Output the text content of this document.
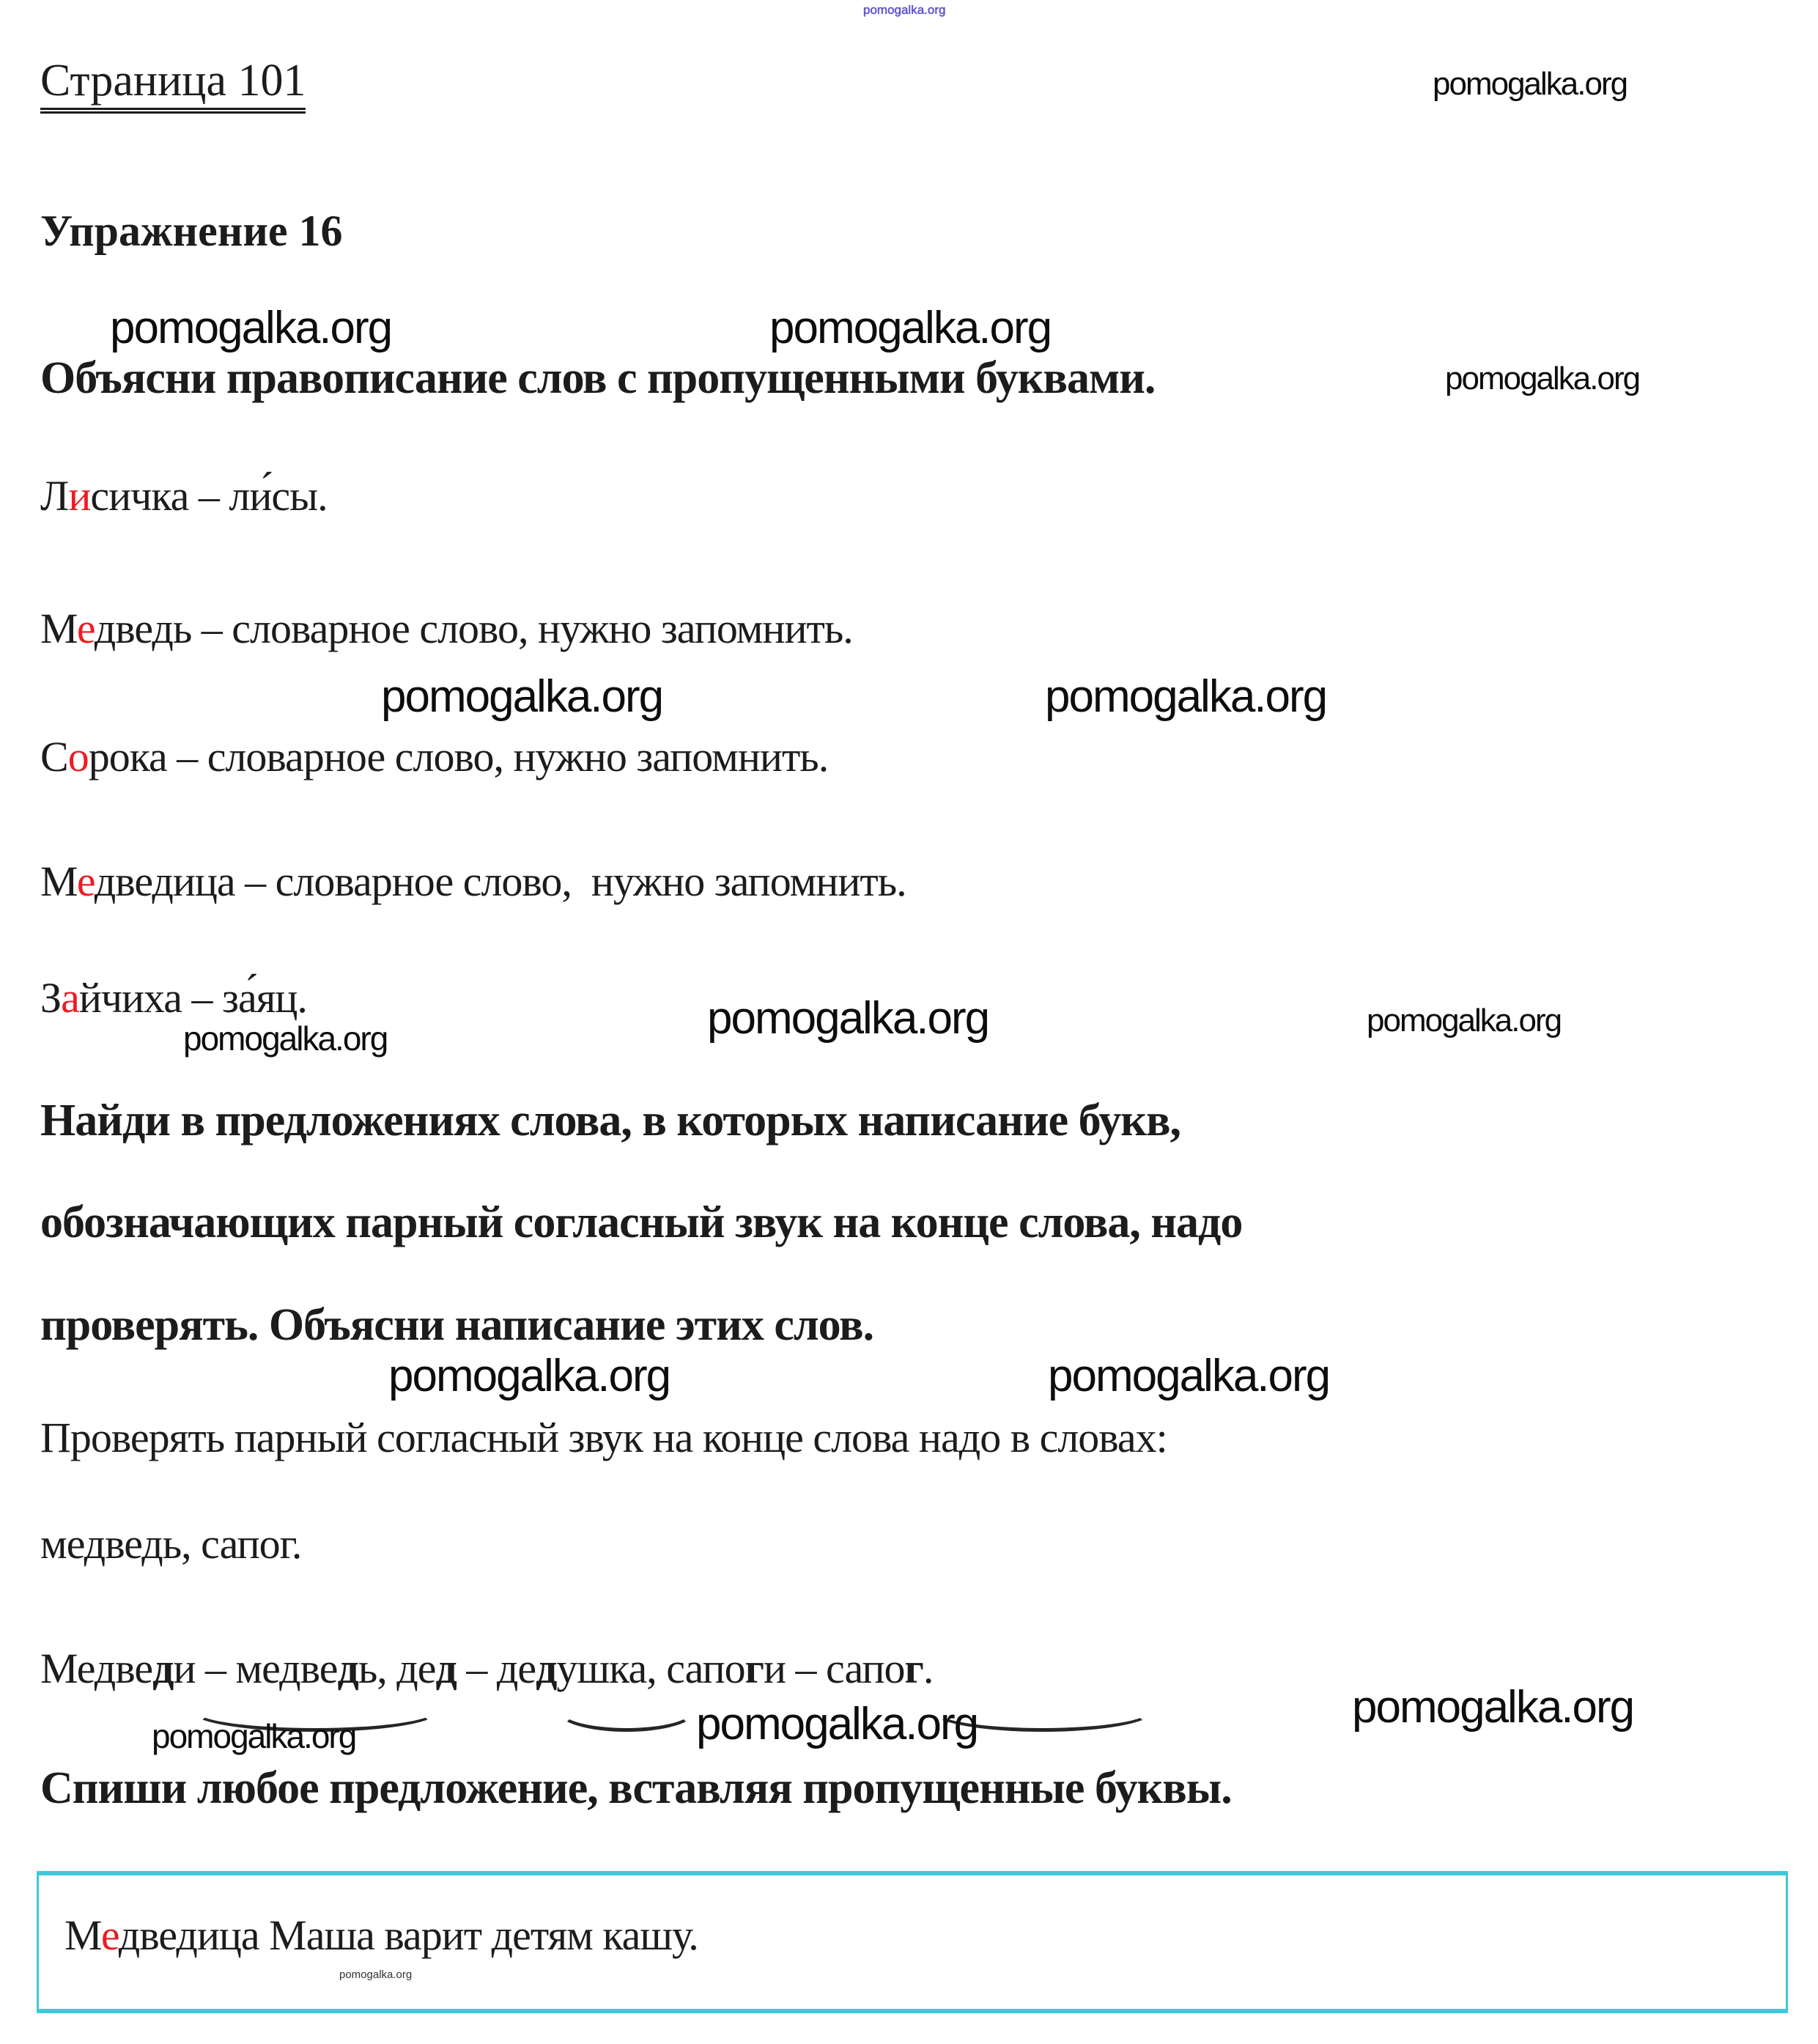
pomogalka.org
Страница 101	pomogalka.org
Упражнение 16
pomogalka.org	pomogalka.org
Объясни правописание слов с пропущенными буквами.	pomogalka.org
Лисичка – ли́сы.
Медведь – словарное слово, нужно запомнить.
pomogalka.org	pomogalka.org
Сорока – словарное слово, нужно запомнить.
Медведица – словарное слово,  нужно запомнить.
Зайчиха – за́яц.
pomogalka.org	pomogalka.org	pomogalka.org
Найди в предложениях слова, в которых написание букв,
обозначающих парный согласный звук на конце слова, надо
проверять. Объясни написание этих слов.
pomogalka.org	pomogalka.org
Проверять парный согласный звук на конце слова надо в словах:
медведь, сапог.
Медведи – медведь, дед – дедушка, сапоги – сапог.
pomogalka.org	pomogalka.org	pomogalka.org
Спиши любое предложение, вставляя пропущенные буквы.
Медведица Маша варит детям кашу.
pomogalka.org
